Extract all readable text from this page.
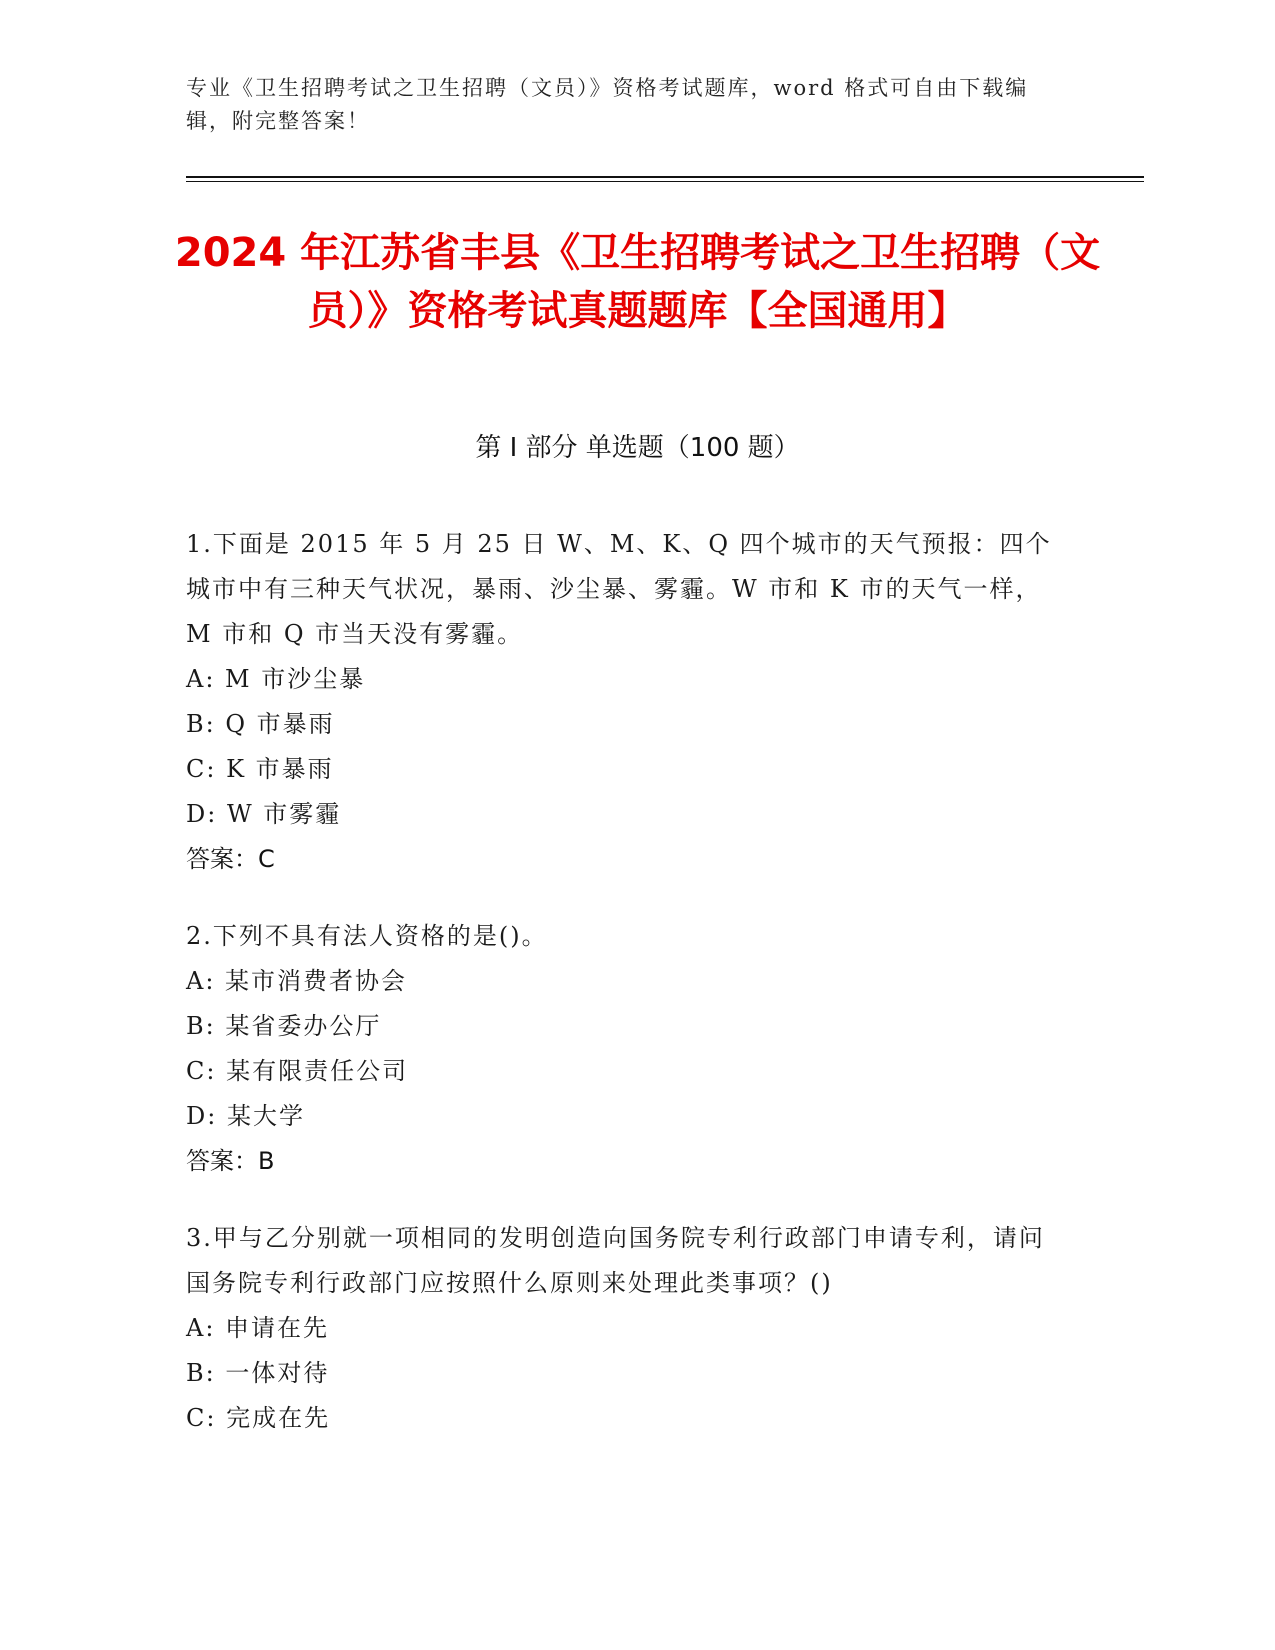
专业《卫生招聘考试之卫生招聘（文员）》资格考试题库，word 格式可自由下载编辑，附完整答案！
2024 年江苏省丰县《卫生招聘考试之卫生招聘（文员）》资格考试真题题库【全国通用】
第 I 部分 单选题（100 题）

1.下面是 2015 年 5 月 25 日 W、M、K、Q 四个城市的天气预报：四个城市中有三种天气状况，暴雨、沙尘暴、雾霾。W 市和 K 市的天气一样，M 市和 Q 市当天没有雾霾。

A: M 市沙尘暴

B: Q 市暴雨

C: K 市暴雨

D: W 市雾霾

答案：C

2.下列不具有法人资格的是()。

A: 某市消费者协会

B: 某省委办公厅

C: 某有限责任公司

D: 某大学

答案：B

3.甲与乙分别就一项相同的发明创造向国务院专利行政部门申请专利，请问国务院专利行政部门应按照什么原则来处理此类事项？()

A: 申请在先

B: 一体对待

C: 完成在先
